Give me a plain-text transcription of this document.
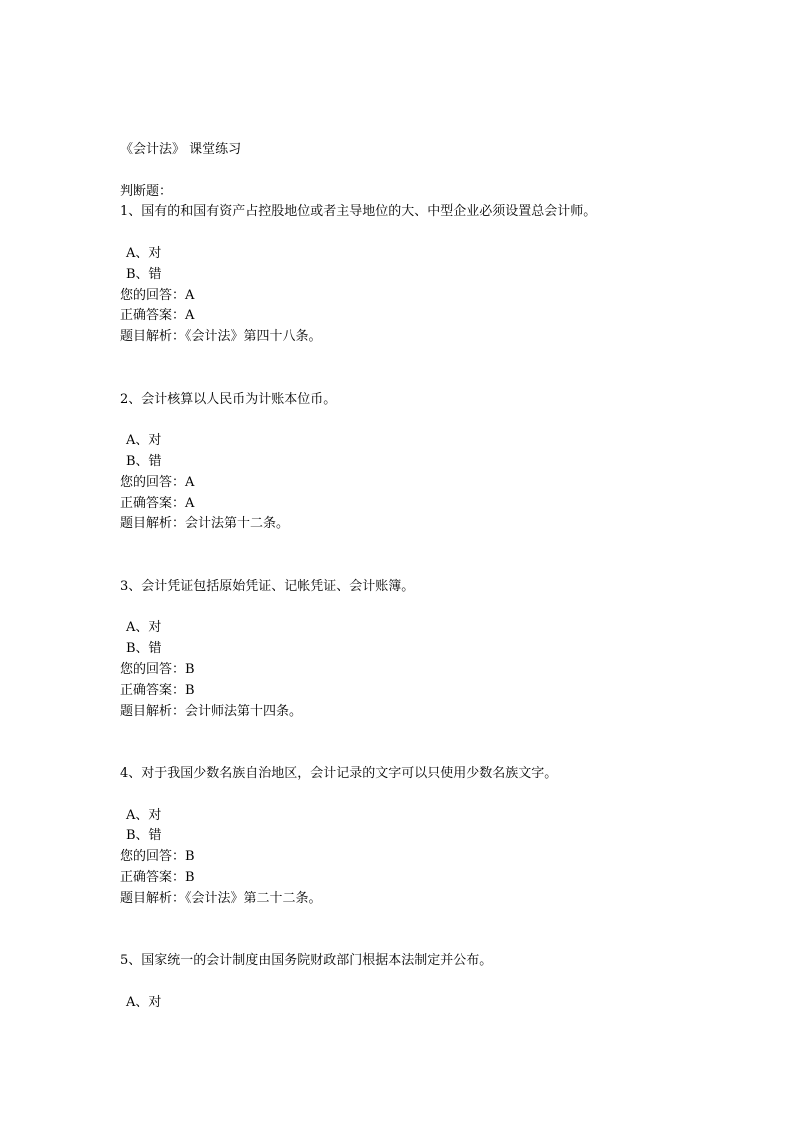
《会计法》 课堂练习
判断题：
1、国有的和国有资产占控股地位或者主导地位的大、中型企业必须设置总会计师。
A、对
B、错
您的回答：A
正确答案：A
题目解析：《会计法》第四十八条。
2、会计核算以人民币为计账本位币。
A、对
B、错
您的回答：A
正确答案：A
题目解析：会计法第十二条。
3、会计凭证包括原始凭证、记帐凭证、会计账簿。
A、对
B、错
您的回答：B
正确答案：B
题目解析：会计师法第十四条。
4、对于我国少数名族自治地区，会计记录的文字可以只使用少数名族文字。
A、对
B、错
您的回答：B
正确答案：B
题目解析：《会计法》第二十二条。
5、国家统一的会计制度由国务院财政部门根据本法制定并公布。
A、对
